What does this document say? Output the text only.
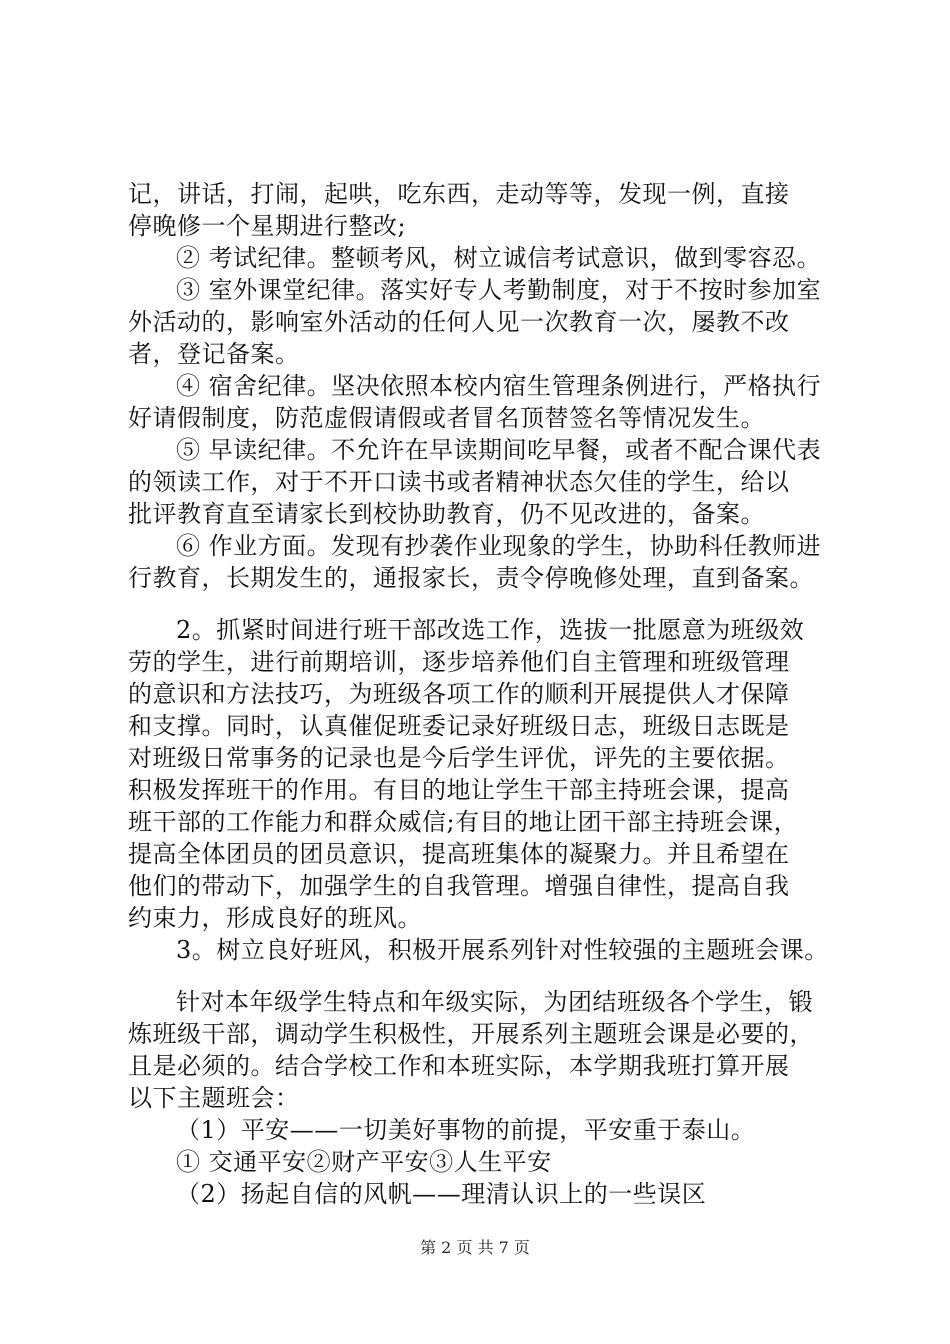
记，讲话，打闹，起哄，吃东西，走动等等，发现一例，直接
停晚修一个星期进行整改;
② 考试纪律。整顿考风，树立诚信考试意识，做到零容忍。
③ 室外课堂纪律。落实好专人考勤制度，对于不按时参加室
外活动的，影响室外活动的任何人见一次教育一次，屡教不改
者，登记备案。
④ 宿舍纪律。坚决依照本校内宿生管理条例进行，严格执行
好请假制度，防范虚假请假或者冒名顶替签名等情况发生。
⑤ 早读纪律。不允许在早读期间吃早餐，或者不配合课代表
的领读工作，对于不开口读书或者精神状态欠佳的学生，给以
批评教育直至请家长到校协助教育，仍不见改进的，备案。
⑥ 作业方面。发现有抄袭作业现象的学生，协助科任教师进
行教育，长期发生的，通报家长，责令停晚修处理，直到备案。
2。抓紧时间进行班干部改选工作，选拔一批愿意为班级效
劳的学生，进行前期培训，逐步培养他们自主管理和班级管理
的意识和方法技巧，为班级各项工作的顺利开展提供人才保障
和支撑。同时，认真催促班委记录好班级日志，班级日志既是
对班级日常事务的记录也是今后学生评优，评先的主要依据。
积极发挥班干的作用。有目的地让学生干部主持班会课，提高
班干部的工作能力和群众威信;有目的地让团干部主持班会课，
提高全体团员的团员意识，提高班集体的凝聚力。并且希望在
他们的带动下，加强学生的自我管理。增强自律性，提高自我
约束力，形成良好的班风。
3。树立良好班风，积极开展系列针对性较强的主题班会课。
针对本年级学生特点和年级实际，为团结班级各个学生，锻
炼班级干部，调动学生积极性，开展系列主题班会课是必要的，
且是必须的。结合学校工作和本班实际，本学期我班打算开展
以下主题班会：
（1）平安——一切美好事物的前提，平安重于泰山。
① 交通平安②财产平安③人生平安
（2）扬起自信的风帆——理清认识上的一些误区
第 2 页 共 7 页
